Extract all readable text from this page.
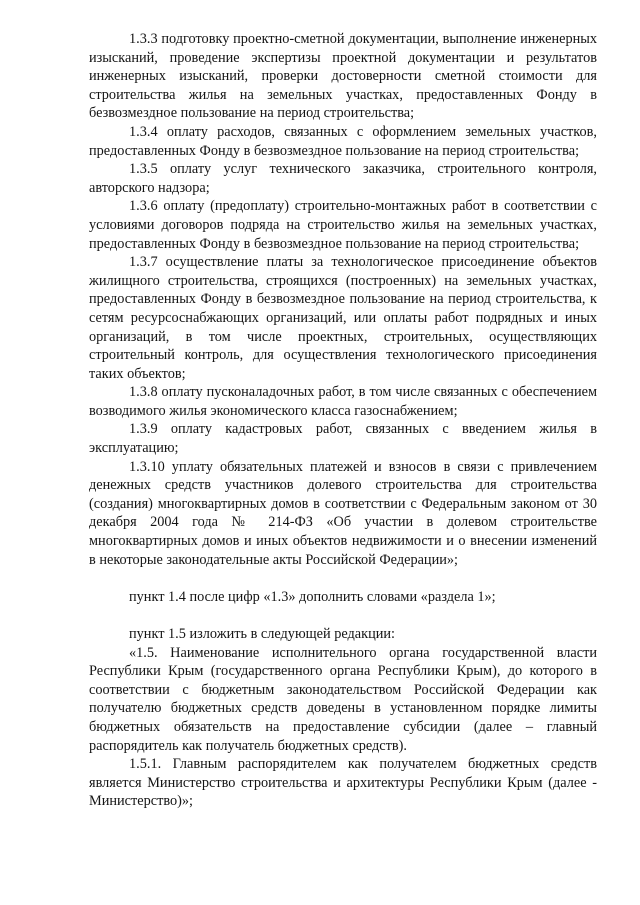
1.3.3 подготовку проектно-сметной документации, выполнение инженерных изысканий, проведение экспертизы проектной документации и результатов инженерных изысканий, проверки достоверности сметной стоимости для строительства жилья на земельных участках, предоставленных Фонду в безвозмездное пользование на период строительства;

1.3.4 оплату расходов, связанных с оформлением земельных участков, предоставленных Фонду в безвозмездное пользование на период строительства;

1.3.5 оплату услуг технического заказчика, строительного контроля, авторского надзора;

1.3.6 оплату (предоплату) строительно-монтажных работ в соответствии с условиями договоров подряда на строительство жилья на земельных участках, предоставленных Фонду в безвозмездное пользование на период строительства;

1.3.7 осуществление платы за технологическое присоединение объектов жилищного строительства, строящихся (построенных) на земельных участках, предоставленных Фонду в безвозмездное пользование на период строительства, к сетям ресурсоснабжающих организаций, или оплаты работ подрядных и иных организаций, в том числе проектных, строительных, осуществляющих строительный контроль, для осуществления технологического присоединения таких объектов;

1.3.8 оплату пусконаладочных работ, в том числе связанных с обеспечением возводимого жилья экономического класса газоснабжением;

1.3.9 оплату кадастровых работ, связанных с введением жилья в эксплуатацию;

1.3.10 уплату обязательных платежей и взносов в связи с привлечением денежных средств участников долевого строительства для строительства (создания) многоквартирных домов в соответствии с Федеральным законом от 30 декабря 2004 года № 214-ФЗ «Об участии в долевом строительстве многоквартирных домов и иных объектов недвижимости и о внесении изменений в некоторые законодательные акты Российской Федерации»;

пункт 1.4 после цифр «1.3» дополнить словами «раздела 1»;

пункт 1.5 изложить в следующей редакции:

«1.5. Наименование исполнительного органа государственной власти Республики Крым (государственного органа Республики Крым), до которого в соответствии с бюджетным законодательством Российской Федерации как получателю бюджетных средств доведены в установленном порядке лимиты бюджетных обязательств на предоставление субсидии (далее – главный распорядитель как получатель бюджетных средств).

1.5.1. Главным распорядителем как получателем бюджетных средств является Министерство строительства и архитектуры Республики Крым (далее - Министерство)»;
